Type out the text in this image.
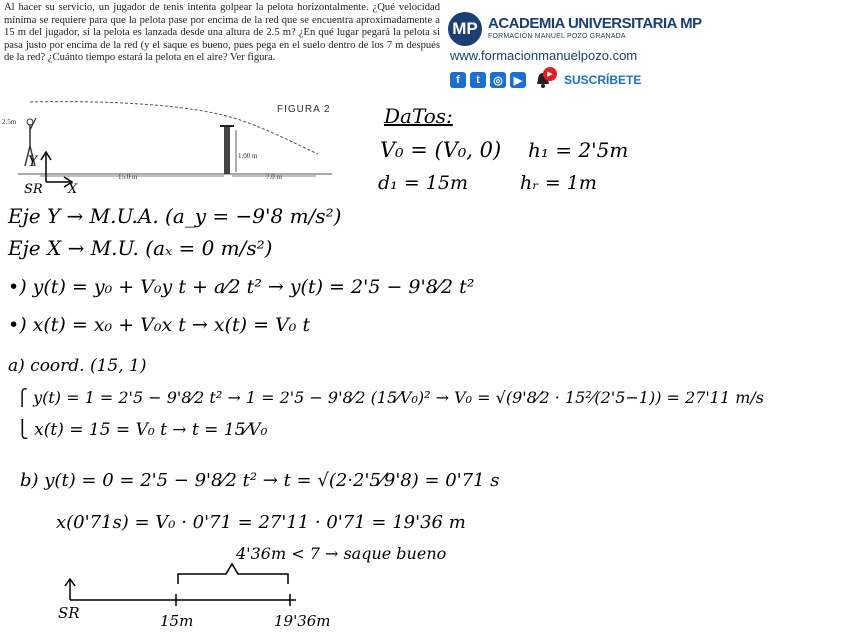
Al hacer su servicio, un jugador de tenis intenta golpear la pelota horizontalmente. ¿Qué velocidad mínima se requiere para que la pelota pase por encima de la red que se encuentra aproximadamente a 15 m del jugador, si la pelota es lanzada desde una altura de 2.5 m? ¿En qué lugar pegará la pelota si pasa justo por encima de la red (y el saque es bueno, pues pega en el suelo dentro de los 7 m después de la red? ¿Cuánto tiempo estará la pelota en el aire? Ver figura.

MP ACADEMIA UNIVERSITARIA MP
FORMACIÓN MANUEL POZO GRANADA
www.formacionmanuelpozo.com
f	t	◎ ▶
▶ SUSCRÍBETE
15.0 m	7.0 m
1.00 m
2.5m
Y
SR X
FIGURA 2	DaTos:
V₀ = (V₀, 0) h₁ = 2'5m
d₁ = 15m	hᵣ = 1m
Eje Y → M.U.A. (a_y = −9'8 m/s²)
Eje X → M.U. (aₓ = 0 m/s²)
•) y(t) = y₀ + V₀y t + a⁄2 t² → y(t) = 2'5 − 9'8⁄2 t²
•) x(t) = x₀ + V₀x t → x(t) = V₀ t
a) coord. (15, 1)
⎧ y(t) = 1 = 2'5 − 9'8⁄2 t² → 1 = 2'5 − 9'8⁄2 (15⁄V₀)² → V₀ = √(9'8⁄2 · 15²⁄(2'5−1)) = 27'11 m/s
⎩ x(t) = 15 = V₀ t → t = 15⁄V₀
b) y(t) = 0 = 2'5 − 9'8⁄2 t² → t = √(2·2'5⁄9'8) = 0'71 s
x(0'71s) = V₀ · 0'71 = 27'11 · 0'71 = 19'36 m
4'36m < 7 → saque bueno
SR	15m	19'36m
